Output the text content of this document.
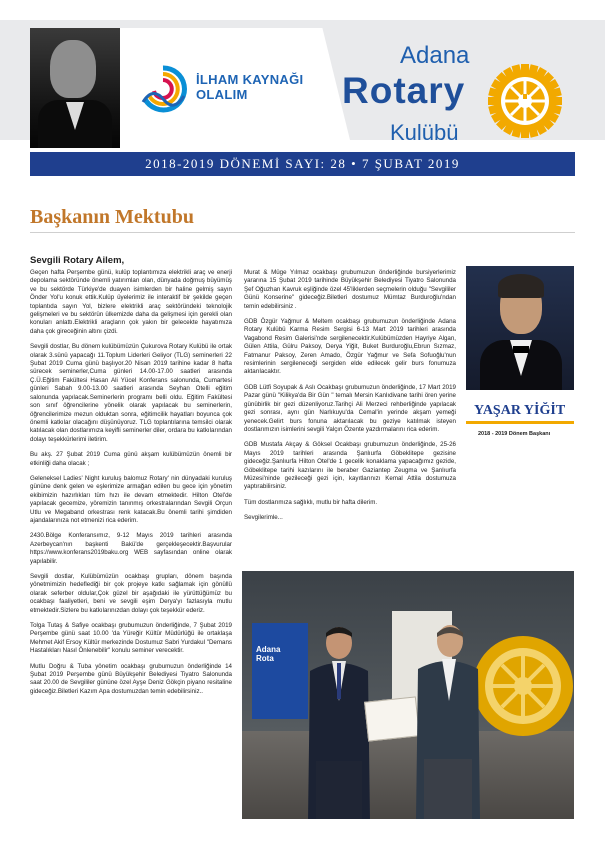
İLHAM KAYNAĞI
OLALIM
Adana
Rotary
Kulübü
2018-2019 DÖNEMİ SAYI: 28 • 7 ŞUBAT 2019
Başkanın Mektubu
Sevgili Rotary Ailem,

Geçen hafta Perşembe günü, kulüp toplantımıza elektrikli araç ve enerji depolama sektöründe önemli yatırımları olan, dünyada doğmuş büyümüş ve bu sektörde Türkiye'de duayen isimlerden bir haline gelmiş sayın Önder Yol'u konuk ettik.Kulüp üyelerimiz ile interaktif bir şekilde geçen toplantıda sayın Yol, bizlere elektrikli araç sektöründeki teknolojik gelişmeleri ve bu sektörün ülkemizde daha da gelişmesi için gerekli olan konuları anlattı.Elektrikli araçların çok yakın bir gelecekte hayatımıza daha çok gireceğinin altını çizdi.

Sevgili dostlar, Bu dönem kulübümüzün Çukurova Rotary Kulübü ile ortak olarak 3.sünü yapacağı 11.Toplum Liderleri Geliyor (TLG) seminerleri 22 Şubat 2019 Cuma günü başlıyor.20 Nisan 2019 tarihine kadar 8 hafta sürecek seminerler,Cuma günleri 14.00-17.00 saatleri arasında Ç.Ü.Eğitim Fakültesi Hasan Ali Yücel Konferans salonunda, Cumartesi günleri Sabah 9.00-13.00 saatleri arasında Seyhan Otelli eğitim salonunda yapılacak.Seminerlerin programı belli oldu. Eğitim Fakültesi son sınıf öğrencilerine yönelik olarak yapılacak bu seminerlerin, öğrencilerimize mezun olduktan sonra, eğitimcilik hayatları boyunca çok önemli katkılar olacağını düşünüyoruz. TLG toplantılarına temsilci olarak katılacak olan dostlarımıza keyifli seminerler diler, ordara bu katkılarından dolayı teşekkürlerimi iletirim.

Bu akş. 27 Şubat 2019 Cuma günü akşam kulübümüzün önemli bir etkinliği daha olacak ;

Geleneksel Ladies' Night kuruluş balomuz Rotary' nin dünyadaki kuruluş gününe denk gelen ve eşlerimize armağan edilen bu gece için yönetim ekibimizin hazırlıkları tüm hızı ile devam etmektedir. Hilton Otel'de yapılacak gecemize, yöremizin tanınmış orkestralarından Sevgili Orçun Utlu ve Megaband orkestrası renk katacak.Bu önemli tarihi şimdiden ajandalarınıza not etmenizi rica ederim.

2430.Bölge Konferansımız, 9-12 Mayıs 2019 tarihleri arasında Azerbeycan'nın başkenti Bakü'de gerçekleşecektir.Başvurular https://www.konferans2019baku.org WEB sayfasından online olarak yapılabilir.

Sevgili dostlar, Kulübümüzün ocakbaşı grupları, dönem başında yönetmimizin hedeflediği bir çok projeye katkı sağlamak için gönüllü olarak seferber oldular,Çok güzel bir aşağıdaki ile yürüttüğümüz bu ocakbaşı faaliyetleri, beni ve sevgili eşim Derya'yı fazlasıyla mutlu etmektedir.Sizlere bu katkılarınızdan dolayı çok teşekkür ederiz.

Tolga Tutaş & Safiye ocakbaşı grubumuzun önderliğinde, 7 Şubat 2019 Perşembe günü saat 10.00 'da Yüreğir Kültür Müdürlüğü ile ortaklaşa Mehmet Akif Ersoy Kültür merkezinde Dostumuz Sabri Yurdakul "Demans Hastalıkları Nasıl Önlenebilir" konulu seminer verecektir.

Mutlu Doğru & Tuba yönetim ocakbaşı grubumuzun önderliğinde 14 Şubat 2019 Perşembe günü Büyükşehir Belediyesi Tiyatro Salonunda saat 20.00 de Sevgililer gününe özel Ayşe Deniz Gökçin piyano resitaline gideceğiz.Biletleri Kazım Apa dostumuzdan temin edebilirsiniz..

Murat & Müge Yılmaz ocakbaşı grubumuzun önderliğinde bursiyerlerimiz yararına 15 Şubat 2019 tarihinde Büyükşehir Belediyesi Tiyatro Salonunda Şef Oğuzhan Kavruk eşliğinde özel 45'liklerden seçmelerin olduğu "Sevgililer Günü Konserine" gideceğiz.Biletleri dostumuz Mümtaz Burduroğlu'ndan temin edebilirsiniz .

GDB Özgür Yağmur & Meltem ocakbaşı grubumuzun önderliğinde Adana Rotary Kulübü Karma Resim Sergisi 6-13 Mart 2019 tarihleri arasında Vagabond Resim Galerisi'nde sergilenecektir.Kulübümüzden Hayriye Algan, Gülen Attila, Gülru Paksoy, Derya Yiğit, Buket Burduroğlu,Ebrun Sızmaz, Fatmanur Paksoy, Zeren Amado, Özgür Yağmur ve Sefa Sofuoğlu'nun resimlerinin sergileneceği sergiden elde edilecek gelir burs fonumuza aktarılacaktır.

GDB Lütfi Soyupak & Aslı Ocakbaşı grubumuzun önderliğinde, 17 Mart 2019 Pazar günü "Kilikya'da Bir Gün " temalı Mersin Kanlıdivane tarihi ören yerine günübirlik bir gezi düzenliyoruz.Tarihçi Ali Merzeci rehberliğinde yapılacak gezi sonrası, aynı gün Narlıkuyu'da Cemal'in yerinde akşam yemeği yenecek.Gelirt burs fonuna aktarılacak bu geziye katılmak isteyen dostlarımızın isimlerini sevgili Yalçın Özente yazdırmalarını rica ederim.

GDB Mustafa Akçay & Göksel Ocakbaşı grubumuzun önderliğinde, 25-26 Mayıs 2019 tarihleri arasında Şanlıurfa Göbeklitepe gezisine gideceğiz.Şanlıurfa Hilton Otel'de 1 gecelik konaklama yapacağımız gezide, Göbeklitepe tarihi kazılarını ile beraber Gaziantep Zeugma ve Şanlıurfa Müzesi'ninde gezileceği gezi için, kayıtlarınızı Kemal Attila dostumuza yaptırabilirsiniz.

Tüm dostlarımıza sağlıklı, mutlu bir hafta dilerim.

Sevgilerimle...

YAŞAR YİĞİT
2018 - 2019 Dönem Başkanı
Adana
Rota
